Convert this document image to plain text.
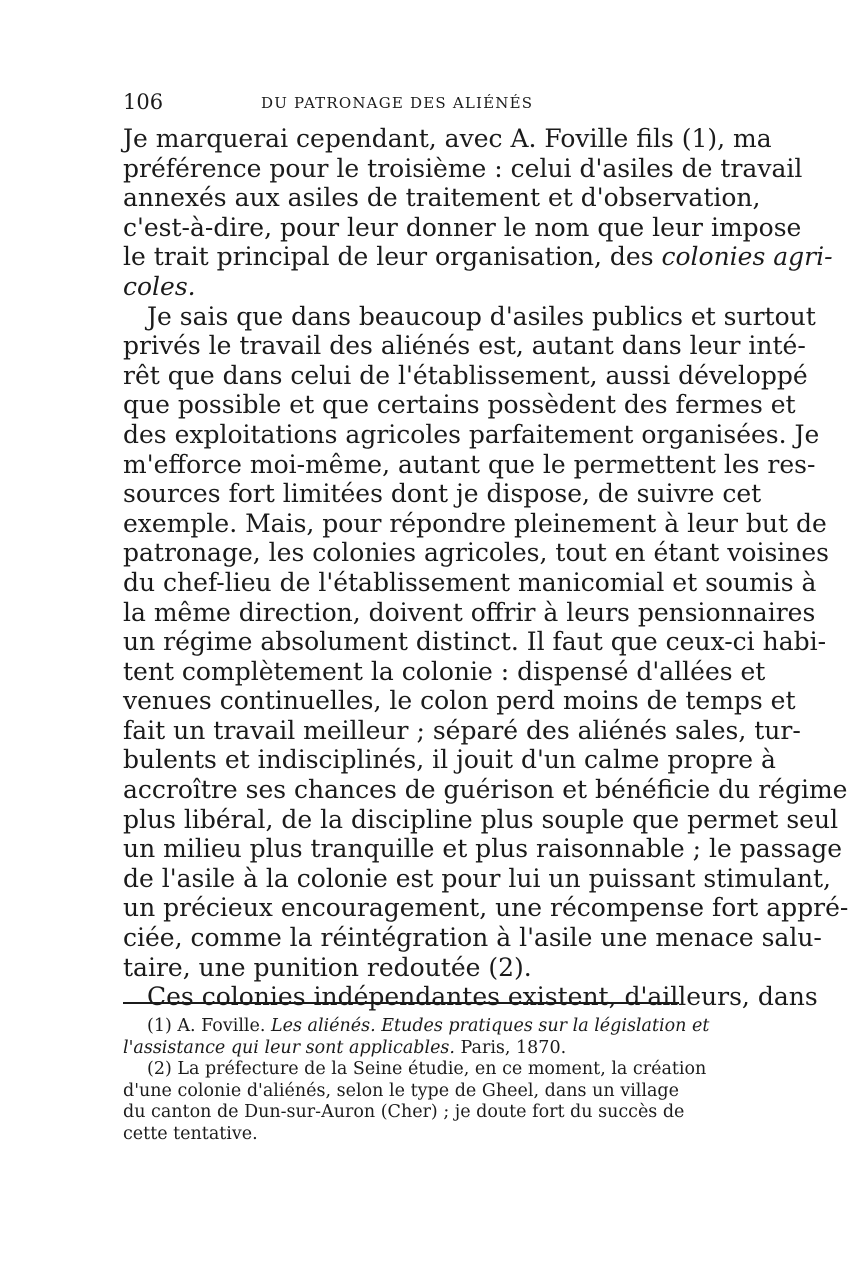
106	DU PATRONAGE DES ALIÉNÉS
Je marquerai cependant, avec A. Foville fils (1), ma
préférence pour le troisième : celui d'asiles de travail
annexés aux asiles de traitement et d'observation,
c'est-à-dire, pour leur donner le nom que leur impose
le trait principal de leur organisation, des colonies agri-
coles.
Je sais que dans beaucoup d'asiles publics et surtout
privés le travail des aliénés est, autant dans leur inté-
rêt que dans celui de l'établissement, aussi développé
que possible et que certains possèdent des fermes et
des exploitations agricoles parfaitement organisées. Je
m'efforce moi-même, autant que le permettent les res-
sources fort limitées dont je dispose, de suivre cet
exemple. Mais, pour répondre pleinement à leur but de
patronage, les colonies agricoles, tout en étant voisines
du chef-lieu de l'établissement manicomial et soumis à
la même direction, doivent offrir à leurs pensionnaires
un régime absolument distinct. Il faut que ceux-ci habi-
tent complètement la colonie : dispensé d'allées et
venues continuelles, le colon perd moins de temps et
fait un travail meilleur ; séparé des aliénés sales, tur-
bulents et indisciplinés, il jouit d'un calme propre à
accroître ses chances de guérison et bénéficie du régime
plus libéral, de la discipline plus souple que permet seul
un milieu plus tranquille et plus raisonnable ; le passage
de l'asile à la colonie est pour lui un puissant stimulant,
un précieux encouragement, une récompense fort appré-
ciée, comme la réintégration à l'asile une menace salu-
taire, une punition redoutée (2).
Ces colonies indépendantes existent, d'ailleurs, dans
(1) A. Foville. Les aliénés. Etudes pratiques sur la législation et
l'assistance qui leur sont applicables. Paris, 1870.
(2) La préfecture de la Seine étudie, en ce moment, la création
d'une colonie d'aliénés, selon le type de Gheel, dans un village
du canton de Dun-sur-Auron (Cher) ; je doute fort du succès de
cette tentative.
